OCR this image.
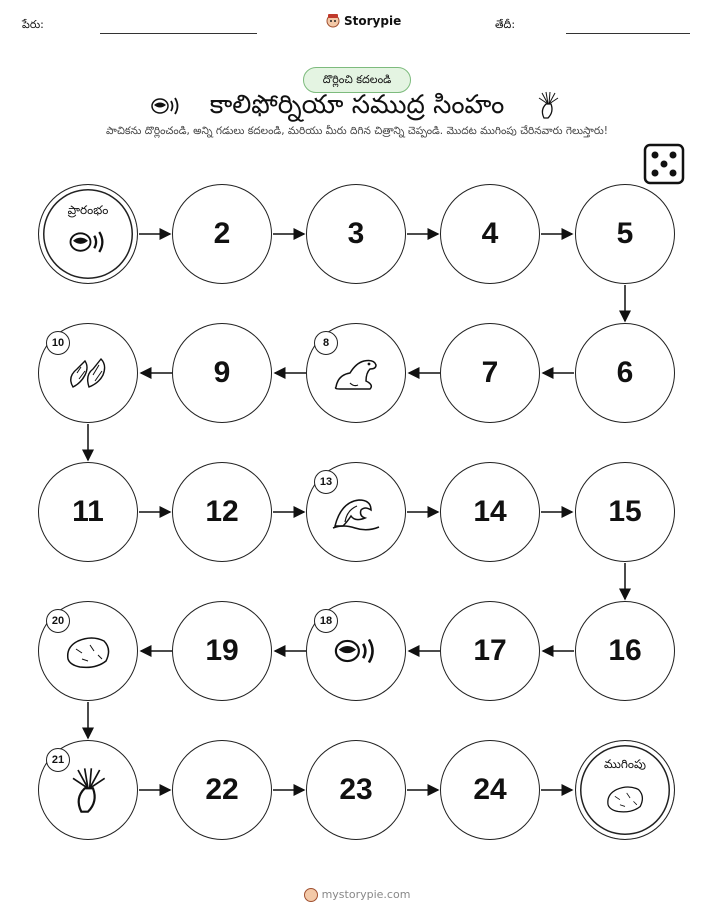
పేరు:	Storypie	తేదీ:
దొర్లించి కదలండి
కాలిఫోర్నియా సముద్ర సింహం
పాచికను దొర్లించండి, అన్ని గడులు కదలండి, మరియు మీరు దిగిన చిత్రాన్ని చెప్పండి. మొదట ముగింపు చేరినవారు గెలుస్తారు!
ప్రారంభం
2	3	4	5
10
9
8
7	6
11	12
13
14	15
20
19
18
17	16
21
22	23	24
ముగింపు
mystorypie.com
